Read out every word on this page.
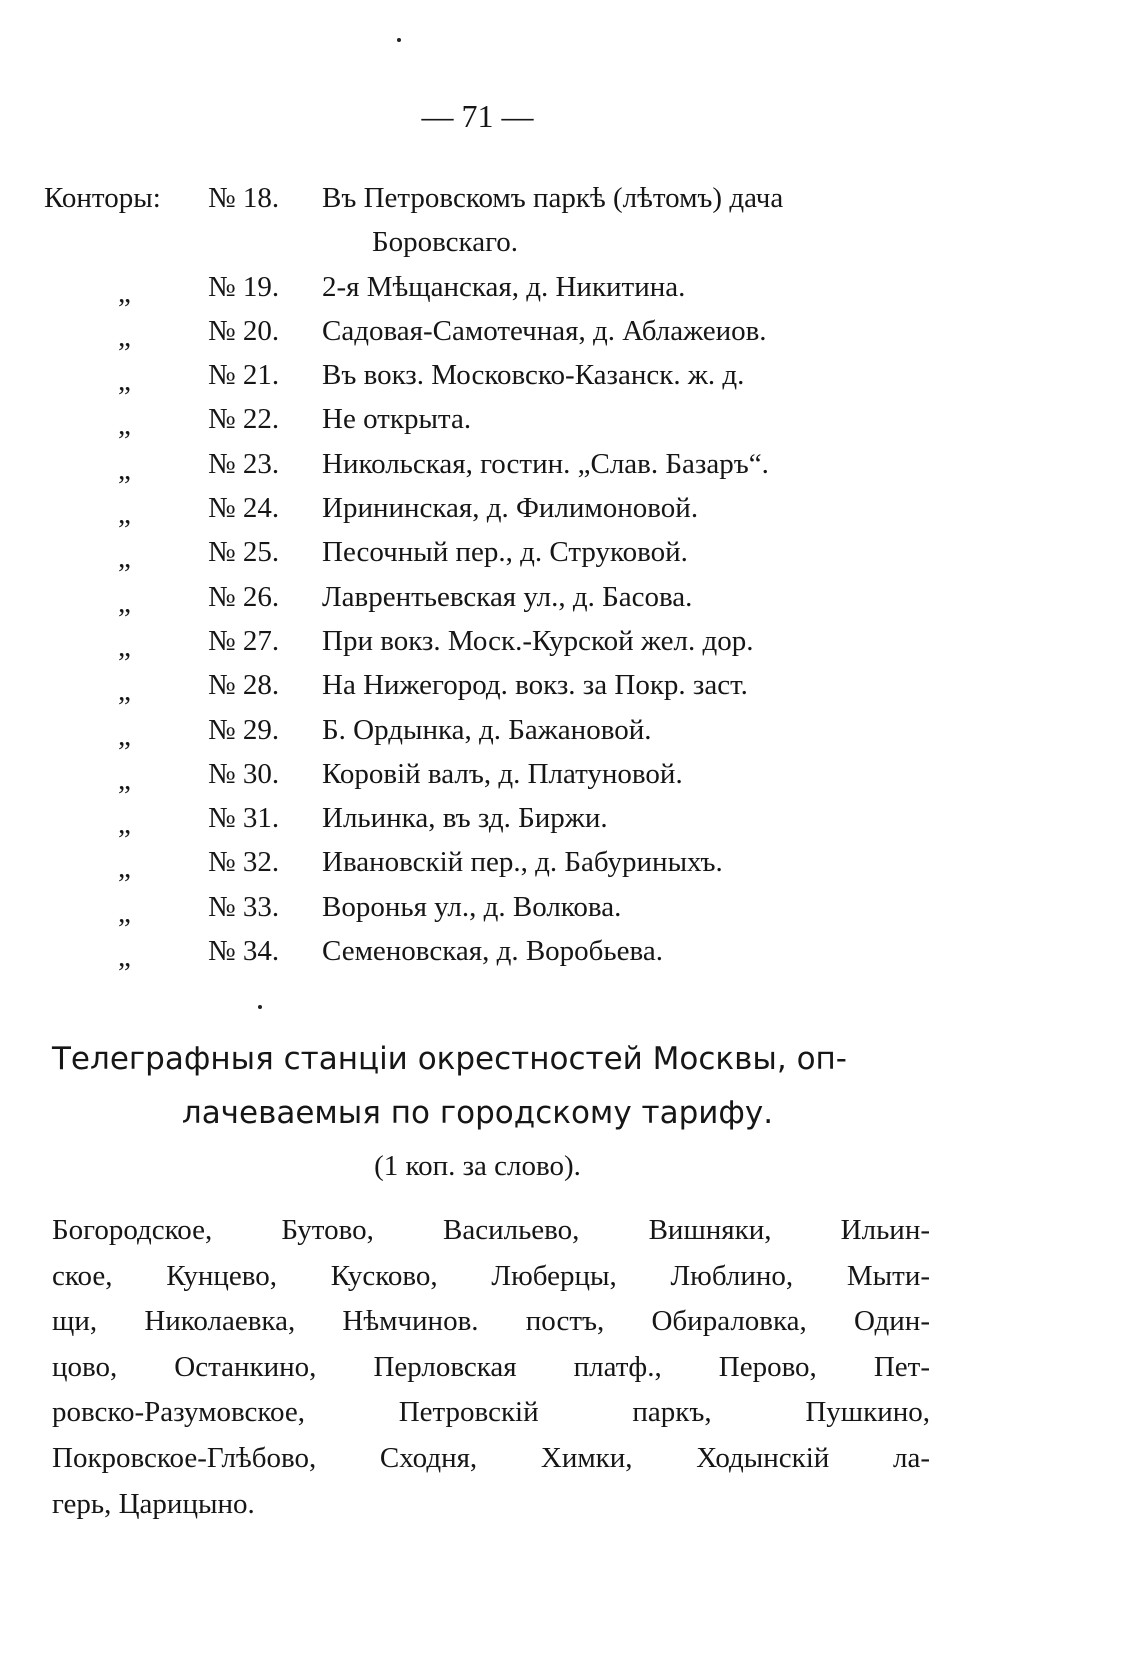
— 71 —
Конторы: № 18. Въ Петровскомъ паркѣ (лѣтомъ) дача
Боровскаго.
„	№ 19. 2-я Мѣщанская, д. Никитина.
„	№ 20. Садовая-Самотечная, д. Аблажеиов.
„	№ 21. Въ вокз. Московско-Казанск. ж. д.
„	№ 22. Не открыта.
„	№ 23. Никольская, гостин. „Слав. Базаръ“.
„	№ 24. Ирининская, д. Филимоновой.
„	№ 25. Песочный пер., д. Струковой.
„	№ 26. Лаврентьевская ул., д. Басова.
„	№ 27. При вокз. Моск.-Курской жел. дор.
„	№ 28. На Нижегород. вокз. за Покр. заст.
„	№ 29. Б. Ордынка, д. Бажановой.
„	№ 30. Коровій валъ, д. Платуновой.
„	№ 31. Ильинка, въ зд. Биржи.
„	№ 32. Ивановскій пер., д. Бабуриныхъ.
„	№ 33. Воронья ул., д. Волкова.
„	№ 34. Семеновская, д. Воробьева.
Телеграфныя станціи окрестностей Москвы, оп-
лачеваемыя по городскому тарифу.
(1 коп. за слово).
Богородское, Бутово, Васильево, Вишняки, Ильин-
ское, Кунцево, Кусково, Люберцы, Люблино, Мыти-
щи, Николаевка, Нѣмчинов. постъ, Обираловка, Один-
цово, Останкино, Перловская платф., Перово, Пет-
ровско-Разумовское, Петровскій паркъ, Пушкино,
Покровское-Глѣбово, Сходня, Химки, Ходынскій ла-
герь, Царицыно.
